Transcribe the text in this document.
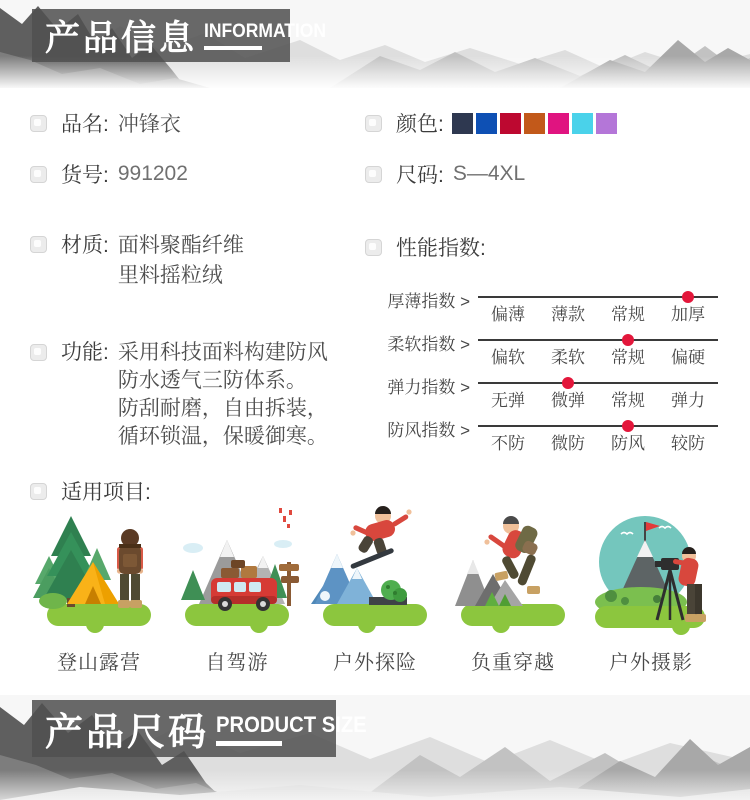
产品信息 INFORMATION
品名: 冲锋衣	颜色:
货号: 991202	尺码: S—4XL
材质: 面料聚酯纤维
里料摇粒绒
性能指数:
厚薄指数 >
偏薄	薄款	常规	加厚
柔软指数 >
偏软	柔软	常规	偏硬
弹力指数 >
无弹	微弹	常规	弹力
防风指数 >
不防	微防	防风	较防
功能: 采用科技面料构建防风
防水透气三防体系。
防刮耐磨，自由拆装，
循环锁温，保暖御寒。
适用项目:
登山露营	自驾游	户外探险	负重穿越	户外摄影
产品尺码 PRODUCT SIZE
